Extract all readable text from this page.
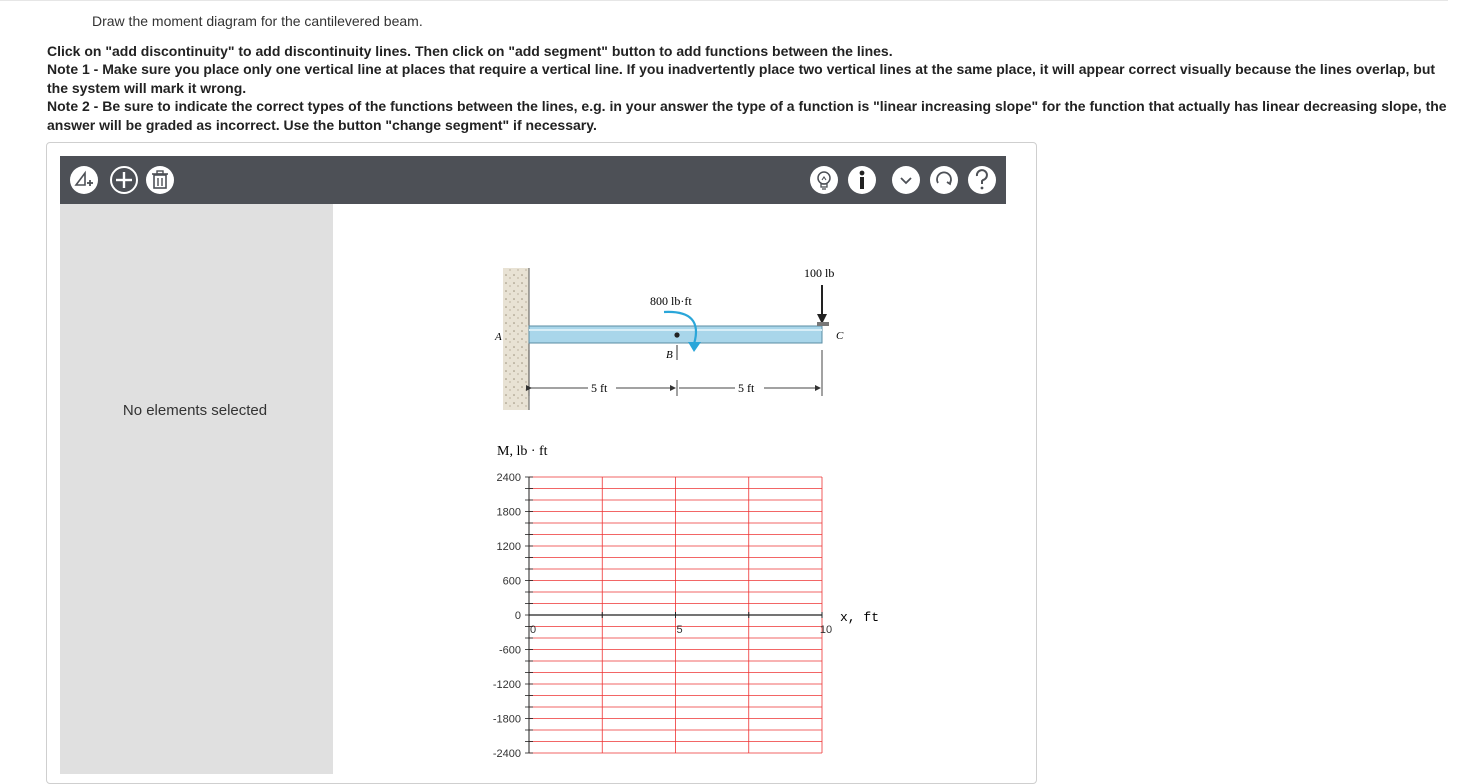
Draw the moment diagram for the cantilevered beam.

Click on "add discontinuity" to add discontinuity lines. Then click on "add segment" button to add functions between the lines.

Note 1 - Make sure you place only one vertical line at places that require a vertical line. If you inadvertently place two vertical lines at the same place, it will appear correct visually because the lines overlap, but the system will mark it wrong.

Note 2 - Be sure to indicate the correct types of the functions between the lines, e.g. in your answer the type of a function is "linear increasing slope" for the function that actually has linear decreasing slope, the answer will be graded as incorrect. Use the button "change segment" if necessary.

No elements selected
100 lb
800 lb·ft
A
B
C
5 ft	5 ft
2400
1800
1200
600
0
-600
-1200
-1800
-2400
0	5	10
M, lb · ft
x, ft
